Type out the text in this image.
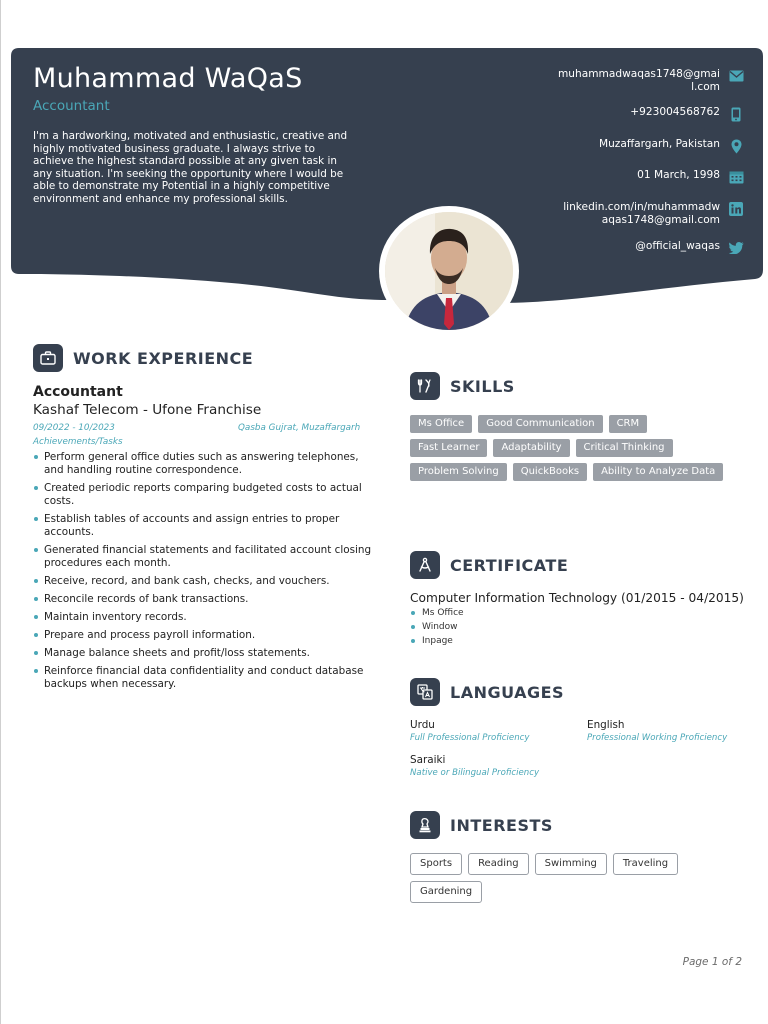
Muhammad WaQaS
Accountant
I'm a hardworking, motivated and enthusiastic, creative and highly motivated business graduate. I always strive to achieve the highest standard possible at any given task in any situation. I'm seeking the opportunity where I would be able to demonstrate my Potential in a highly competitive environment and enhance my professional skills.
muhammadwaqas1748@gmai
l.com
+923004568762
Muzaffargarh, Pakistan
01 March, 1998
linkedin.com/in/muhammadw
aqas1748@gmail.com
@official_waqas
WORK EXPERIENCE
Accountant
Kashaf Telecom - Ufone Franchise
09/2022 - 10/2023	Qasba Gujrat, Muzaffargarh
Achievements/Tasks
Perform general office duties such as answering telephones, and handling routine correspondence.
Created periodic reports comparing budgeted costs to actual costs.
Establish tables of accounts and assign entries to proper accounts.
Generated financial statements and facilitated account closing procedures each month.
Receive, record, and bank cash, checks, and vouchers.
Reconcile records of bank transactions.
Maintain inventory records.
Prepare and process payroll information.
Manage balance sheets and profit/loss statements.
Reinforce financial data confidentiality and conduct database backups when necessary.
SKILLS
Ms Office	Good Communication	CRM
Fast Learner	Adaptability	Critical Thinking
Problem Solving	QuickBooks	Ability to Analyze Data
CERTIFICATE
Computer Information Technology (01/2015 - 04/2015)
Ms Office
Window
Inpage
LANGUAGES
Urdu
Full Professional Proficiency
English
Professional Working Proficiency
Saraiki
Native or Bilingual Proficiency
INTERESTS
Sports	Reading	Swimming	Traveling
Gardening
Page 1 of 2
